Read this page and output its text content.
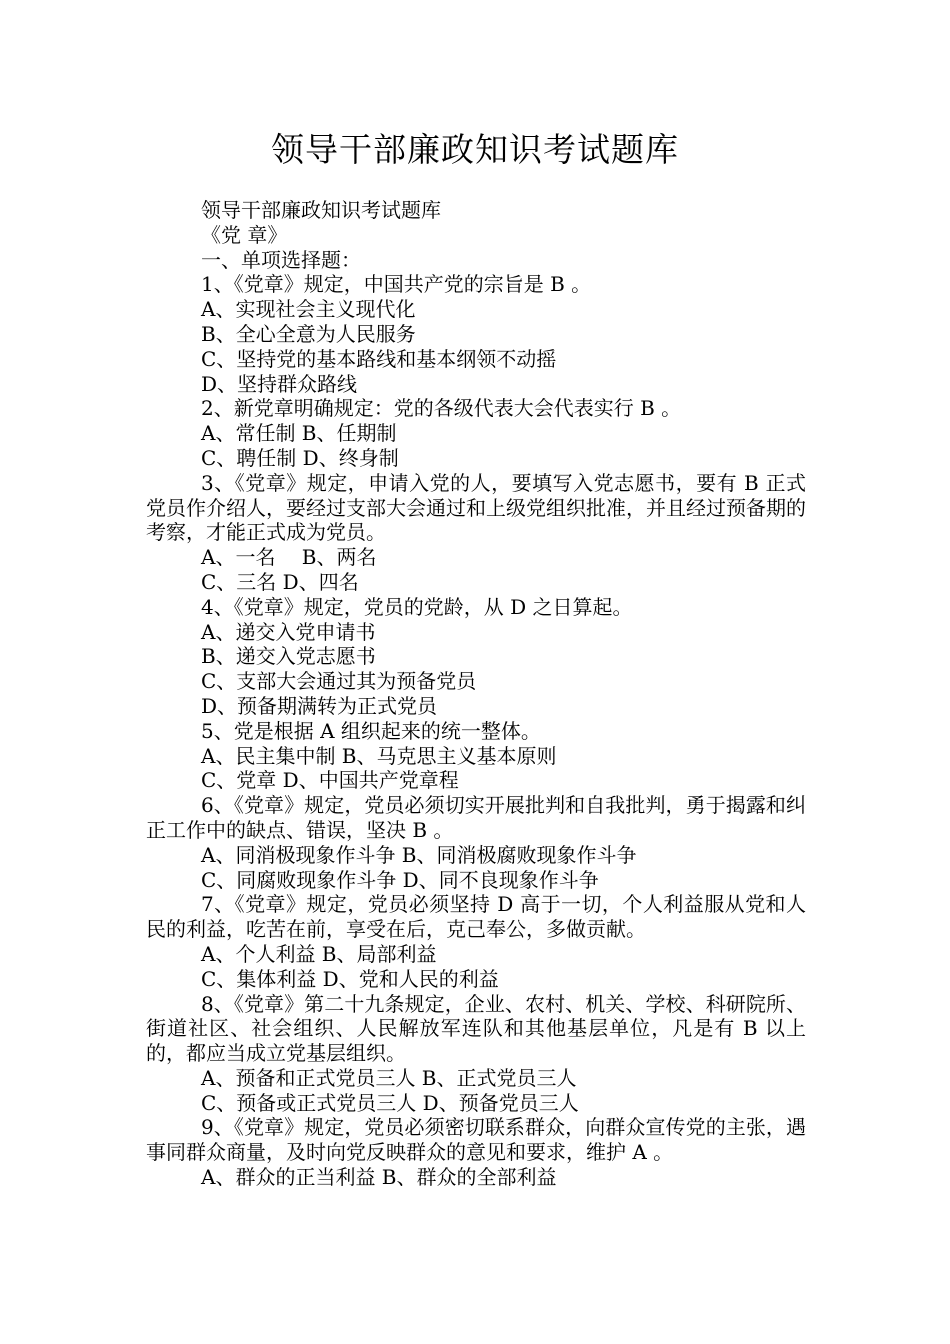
领导干部廉政知识考试题库

领导干部廉政知识考试题库

《党 章》

一、单项选择题：

1、《党章》规定，中国共产党的宗旨是 B 。

A、实现社会主义现代化

B、全心全意为人民服务

C、坚持党的基本路线和基本纲领不动摇

D、坚持群众路线

2、新党章明确规定：党的各级代表大会代表实行 B 。

A、常任制 B、任期制

C、聘任制 D、终身制

3、《党章》规定，申请入党的人，要填写入党志愿书，要有 B 正式党员作介绍人，要经过支部大会通过和上级党组织批准，并且经过预备期的考察，才能正式成为党员。

A、一名　 B、两名

C、三名 D、四名

4、《党章》规定，党员的党龄，从 D 之日算起。

A、递交入党申请书

B、递交入党志愿书

C、支部大会通过其为预备党员

D、预备期满转为正式党员

5、党是根据 A 组织起来的统一整体。

A、民主集中制 B、马克思主义基本原则

C、党章 D、中国共产党章程

6、《党章》规定，党员必须切实开展批判和自我批判，勇于揭露和纠正工作中的缺点、错误，坚决 B 。

A、同消极现象作斗争 B、同消极腐败现象作斗争

C、同腐败现象作斗争 D、同不良现象作斗争

7、《党章》规定，党员必须坚持 D 高于一切，个人利益服从党和人民的利益，吃苦在前，享受在后，克己奉公，多做贡献。

A、个人利益 B、局部利益

C、集体利益 D、党和人民的利益

8、《党章》第二十九条规定，企业、农村、机关、学校、科研院所、街道社区、社会组织、人民解放军连队和其他基层单位，凡是有 B 以上的，都应当成立党基层组织。

A、预备和正式党员三人 B、正式党员三人

C、预备或正式党员三人 D、预备党员三人

9、《党章》规定，党员必须密切联系群众，向群众宣传党的主张，遇事同群众商量，及时向党反映群众的意见和要求，维护 A 。

A、群众的正当利益 B、群众的全部利益
